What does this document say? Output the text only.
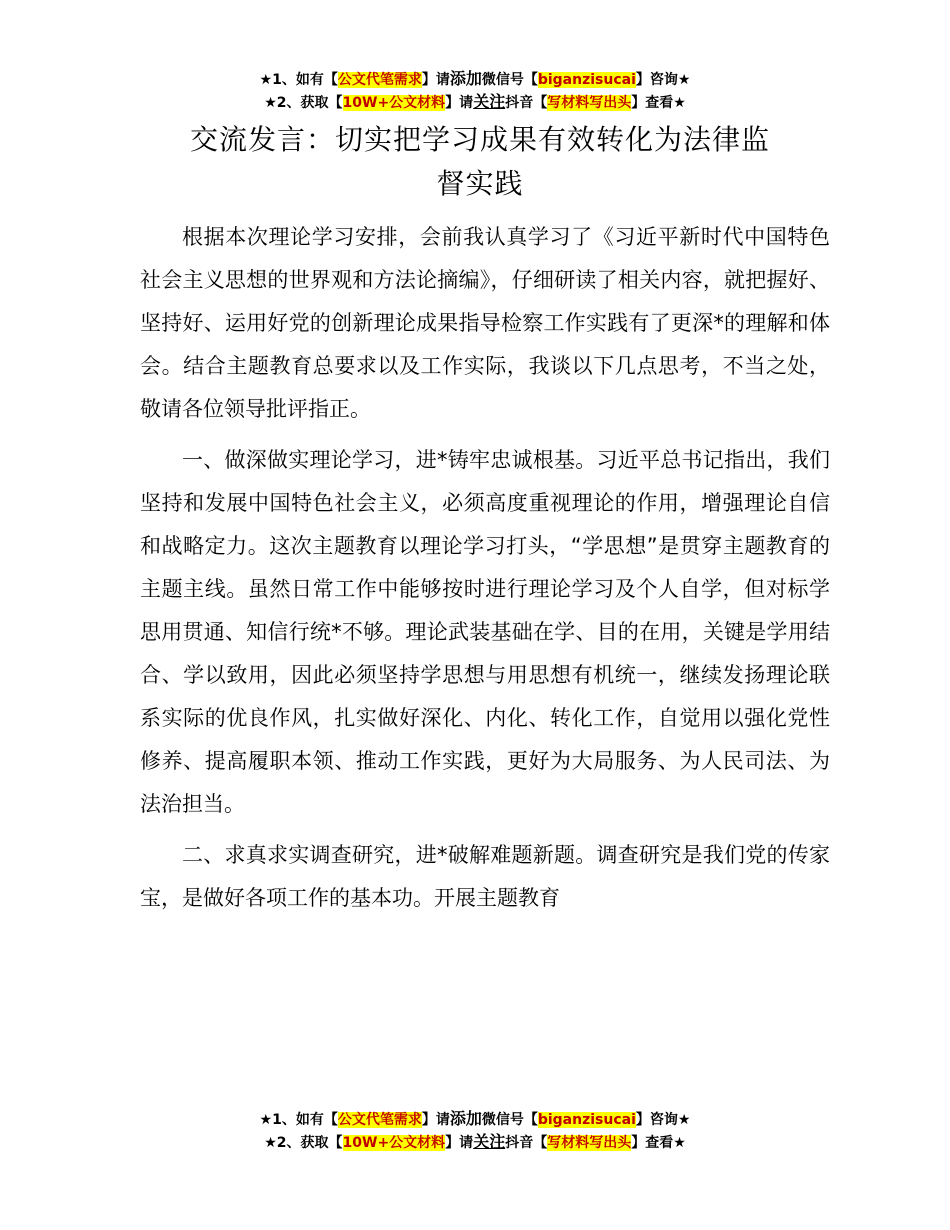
★1、如有【公文代笔需求】请添加微信号【biganzisucai】咨询★
★2、获取【10W+公文材料】请关注抖音【写材料写出头】查看★
交流发言：切实把学习成果有效转化为法律监
督实践

根据本次理论学习安排，会前我认真学习了《习近平新时代中国特色社会主义思想的世界观和方法论摘编》，仔细研读了相关内容，就把握好、坚持好、运用好党的创新理论成果指导检察工作实践有了更深*的理解和体会。结合主题教育总要求以及工作实际，我谈以下几点思考，不当之处，敬请各位领导批评指正。

一、做深做实理论学习，进*铸牢忠诚根基。习近平总书记指出，我们坚持和发展中国特色社会主义，必须高度重视理论的作用，增强理论自信和战略定力。这次主题教育以理论学习打头，“学思想”是贯穿主题教育的主题主线。虽然日常工作中能够按时进行理论学习及个人自学，但对标学思用贯通、知信行统*不够。理论武装基础在学、目的在用，关键是学用结合、学以致用，因此必须坚持学思想与用思想有机统一，继续发扬理论联系实际的优良作风，扎实做好深化、内化、转化工作，自觉用以强化党性修养、提高履职本领、推动工作实践，更好为大局服务、为人民司法、为法治担当。

二、求真求实调查研究，进*破解难题新题。调查研究是我们党的传家宝，是做好各项工作的基本功。开展主题教育

★1、如有【公文代笔需求】请添加微信号【biganzisucai】咨询★
★2、获取【10W+公文材料】请关注抖音【写材料写出头】查看★
